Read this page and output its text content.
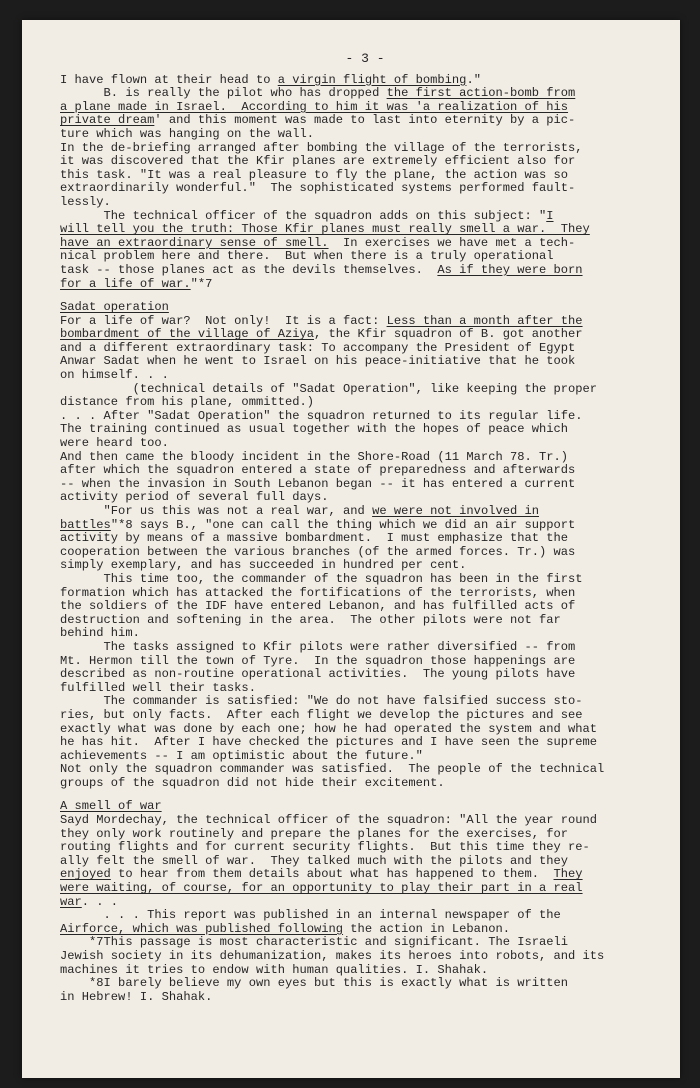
- 3 -
I have flown at their head to a virgin flight of bombing."
B. is really the pilot who has dropped the first action-bomb from
a plane made in Israel.  According to him it was 'a realization of his
private dream' and this moment was made to last into eternity by a pic-
ture which was hanging on the wall.
In the de-briefing arranged after bombing the village of the terrorists,
it was discovered that the Kfir planes are extremely efficient also for
this task. "It was a real pleasure to fly the plane, the action was so
extraordinarily wonderful."  The sophisticated systems performed fault-
lessly.
The technical officer of the squadron adds on this subject: "I
will tell you the truth: Those Kfir planes must really smell a war.  They
have an extraordinary sense of smell.  In exercises we have met a tech-
nical problem here and there.  But when there is a truly operational
task -- those planes act as the devils themselves.  As if they were born
for a life of war."*7
Sadat operation
For a life of war?  Not only!  It is a fact: Less than a month after the
bombardment of the village of Aziya, the Kfir squadron of B. got another
and a different extraordinary task: To accompany the President of Egypt
Anwar Sadat when he went to Israel on his peace-initiative that he took
on himself. . .
(technical details of "Sadat Operation", like keeping the proper
distance from his plane, ommitted.)
. . . After "Sadat Operation" the squadron returned to its regular life.
The training continued as usual together with the hopes of peace which
were heard too.
And then came the bloody incident in the Shore-Road (11 March 78. Tr.)
after which the squadron entered a state of preparedness and afterwards
-- when the invasion in South Lebanon began -- it has entered a current
activity period of several full days.
"For us this was not a real war, and we were not involved in
battles"*8 says B., "one can call the thing which we did an air support
activity by means of a massive bombardment.  I must emphasize that the
cooperation between the various branches (of the armed forces. Tr.) was
simply exemplary, and has succeeded in hundred per cent.
This time too, the commander of the squadron has been in the first
formation which has attacked the fortifications of the terrorists, when
the soldiers of the IDF have entered Lebanon, and has fulfilled acts of
destruction and softening in the area.  The other pilots were not far
behind him.
The tasks assigned to Kfir pilots were rather diversified -- from
Mt. Hermon till the town of Tyre.  In the squadron those happenings are
described as non-routine operational activities.  The young pilots have
fulfilled well their tasks.
The commander is satisfied: "We do not have falsified success sto-
ries, but only facts.  After each flight we develop the pictures and see
exactly what was done by each one; how he had operated the system and what
he has hit.  After I have checked the pictures and I have seen the supreme
achievements -- I am optimistic about the future."
Not only the squadron commander was satisfied.  The people of the technical
groups of the squadron did not hide their excitement.
A smell of war
Sayd Mordechay, the technical officer of the squadron: "All the year round
they only work routinely and prepare the planes for the exercises, for
routing flights and for current security flights.  But this time they re-
ally felt the smell of war.  They talked much with the pilots and they
enjoyed to hear from them details about what has happened to them.  They
were waiting, of course, for an opportunity to play their part in a real
war. . .
. . . This report was published in an internal newspaper of the
Airforce, which was published following the action in Lebanon.
*7This passage is most characteristic and significant. The Israeli
Jewish society in its dehumanization, makes its heroes into robots, and its
machines it tries to endow with human qualities. I. Shahak.
*8I barely believe my own eyes but this is exactly what is written
in Hebrew! I. Shahak.
